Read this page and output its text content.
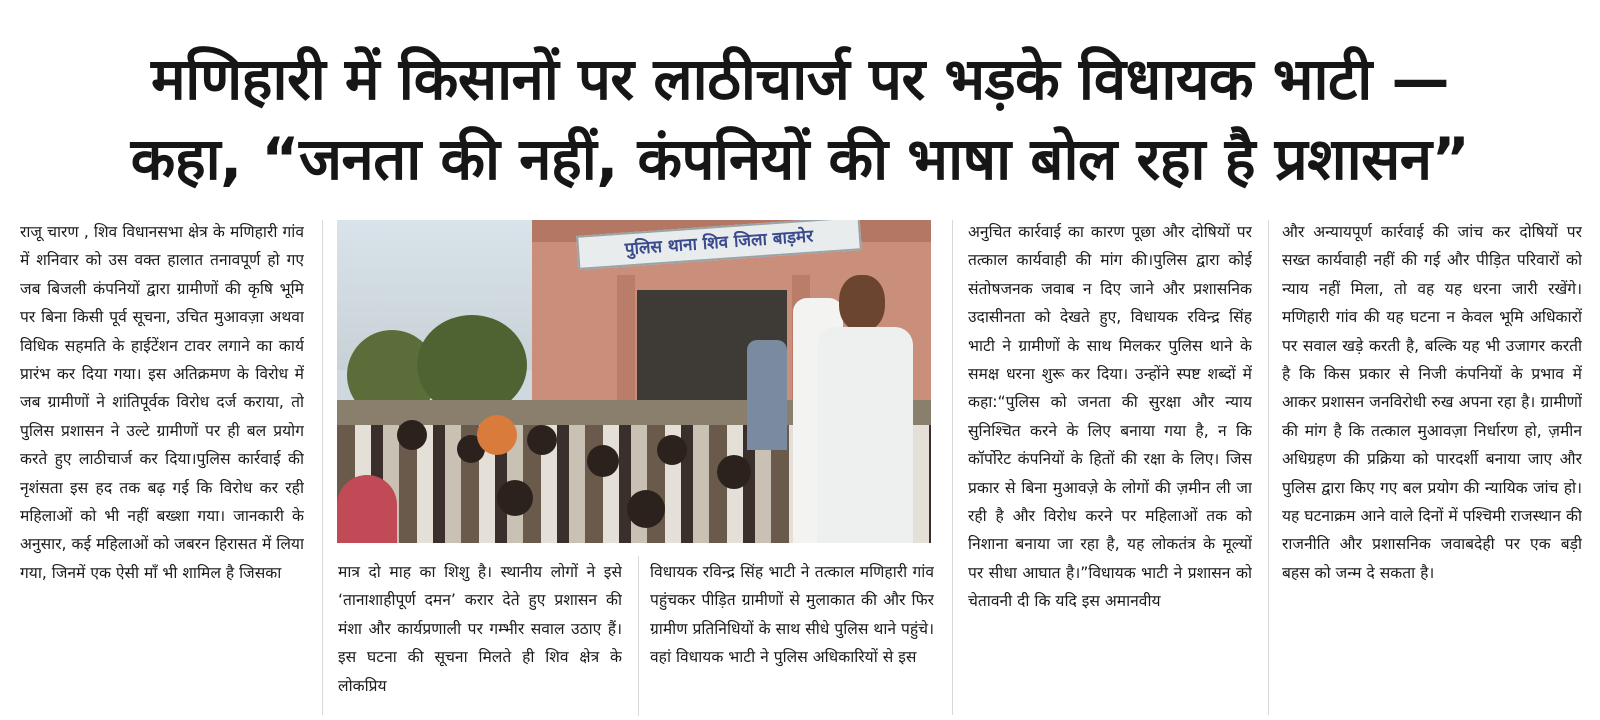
मणिहारी में किसानों पर लाठीचार्ज पर भड़के विधायक भाटी —
कहा, “जनता की नहीं, कंपनियों की भाषा बोल रहा है प्रशासन”

राजू चारण , शिव विधानसभा क्षेत्र के मणिहारी गांव में शनिवार को उस वक्त हालात तनावपूर्ण हो गए जब बिजली कंपनियों द्वारा ग्रामीणों की कृषि भूमि पर बिना किसी पूर्व सूचना, उचित मुआवज़ा अथवा विधिक सहमति के हाईटेंशन टावर लगाने का कार्य प्रारंभ कर दिया गया। इस अतिक्रमण के विरोध में जब ग्रामीणों ने शांतिपूर्वक विरोध दर्ज कराया, तो पुलिस प्रशासन ने उल्टे ग्रामीणों पर ही बल प्रयोग करते हुए लाठीचार्ज कर दिया।पुलिस कार्रवाई की नृशंसता इस हद तक बढ़ गई कि विरोध कर रही महिलाओं को भी नहीं बख्शा गया। जानकारी के अनुसार, कई महिलाओं को जबरन हिरासत में लिया गया, जिनमें एक ऐसी माँ भी शामिल है जिसका

पुलिस थाना शिव जिला बाड़मेर

मात्र दो माह का शिशु है। स्थानीय लोगों ने इसे ‘तानाशाहीपूर्ण दमन’ करार देते हुए प्रशासन की मंशा और कार्यप्रणाली पर गम्भीर सवाल उठाए हैं।इस घटना की सूचना मिलते ही शिव क्षेत्र के लोकप्रिय

विधायक रविन्द्र सिंह भाटी ने तत्काल मणिहारी गांव पहुंचकर पीड़ित ग्रामीणों से मुलाकात की और फिर ग्रामीण प्रतिनिधियों के साथ सीधे पुलिस थाने पहुंचे। वहां विधायक भाटी ने पुलिस अधिकारियों से इस

अनुचित कार्रवाई का कारण पूछा और दोषियों पर तत्काल कार्यवाही की मांग की।पुलिस द्वारा कोई संतोषजनक जवाब न दिए जाने और प्रशासनिक उदासीनता को देखते हुए, विधायक रविन्द्र सिंह भाटी ने ग्रामीणों के साथ मिलकर पुलिस थाने के समक्ष धरना शुरू कर दिया। उन्होंने स्पष्ट शब्दों में कहा:“पुलिस को जनता की सुरक्षा और न्याय सुनिश्चित करने के लिए बनाया गया है, न कि कॉर्पोरेट कंपनियों के हितों की रक्षा के लिए। जिस प्रकार से बिना मुआवज़े के लोगों की ज़मीन ली जा रही है और विरोध करने पर महिलाओं तक को निशाना बनाया जा रहा है, यह लोकतंत्र के मूल्यों पर सीधा आघात है।”विधायक भाटी ने प्रशासन को चेतावनी दी कि यदि इस अमानवीय

और अन्यायपूर्ण कार्रवाई की जांच कर दोषियों पर सख्त कार्यवाही नहीं की गई और पीड़ित परिवारों को न्याय नहीं मिला, तो वह यह धरना जारी रखेंगे।मणिहारी गांव की यह घटना न केवल भूमि अधिकारों पर सवाल खड़े करती है, बल्कि यह भी उजागर करती है कि किस प्रकार से निजी कंपनियों के प्रभाव में आकर प्रशासन जनविरोधी रुख अपना रहा है। ग्रामीणों की मांग है कि तत्काल मुआवज़ा निर्धारण हो, ज़मीन अधिग्रहण की प्रक्रिया को पारदर्शी बनाया जाए और पुलिस द्वारा किए गए बल प्रयोग की न्यायिक जांच हो।यह घटनाक्रम आने वाले दिनों में पश्चिमी राजस्थान की राजनीति और प्रशासनिक जवाबदेही पर एक बड़ी बहस को जन्म दे सकता है।
